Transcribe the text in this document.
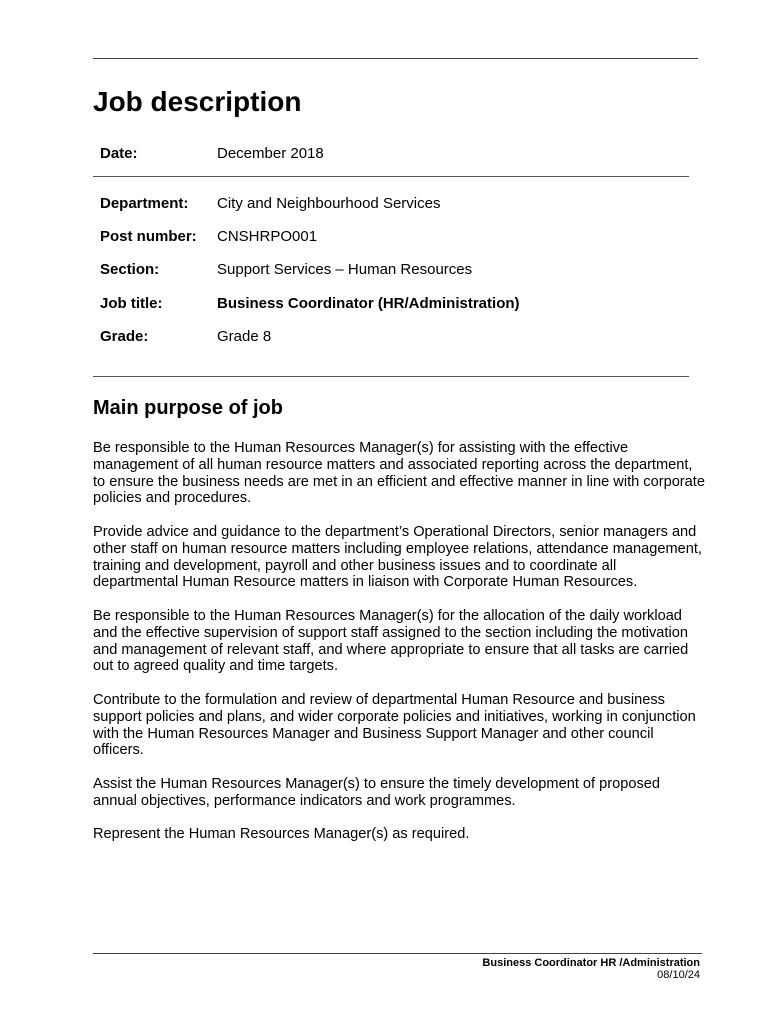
Job description
Date:	December 2018
Department: City and Neighbourhood Services
Post number: CNSHRPO001
Section:	Support Services – Human Resources
Job title:	Business Coordinator (HR/Administration)
Grade:	Grade 8
Main purpose of job

Be responsible to the Human Resources Manager(s) for assisting with the effective management of all human resource matters and associated reporting across the department, to ensure the business needs are met in an efficient and effective manner in line with corporate policies and procedures.

Provide advice and guidance to the department’s Operational Directors, senior managers and other staff on human resource matters including employee relations, attendance management, training and development, payroll and other business issues and to coordinate all departmental Human Resource matters in liaison with Corporate Human Resources.

Be responsible to the Human Resources Manager(s) for the allocation of the daily workload and the effective supervision of support staff assigned to the section including the motivation and management of relevant staff, and where appropriate to ensure that all tasks are carried out to agreed quality and time targets.

Contribute to the formulation and review of departmental Human Resource and business support policies and plans, and wider corporate policies and initiatives, working in conjunction with the Human Resources Manager and Business Support Manager and other council officers.

Assist the Human Resources Manager(s) to ensure the timely development of proposed annual objectives, performance indicators and work programmes.

Represent the Human Resources Manager(s) as required.

Business Coordinator HR /Administration
08/10/24
